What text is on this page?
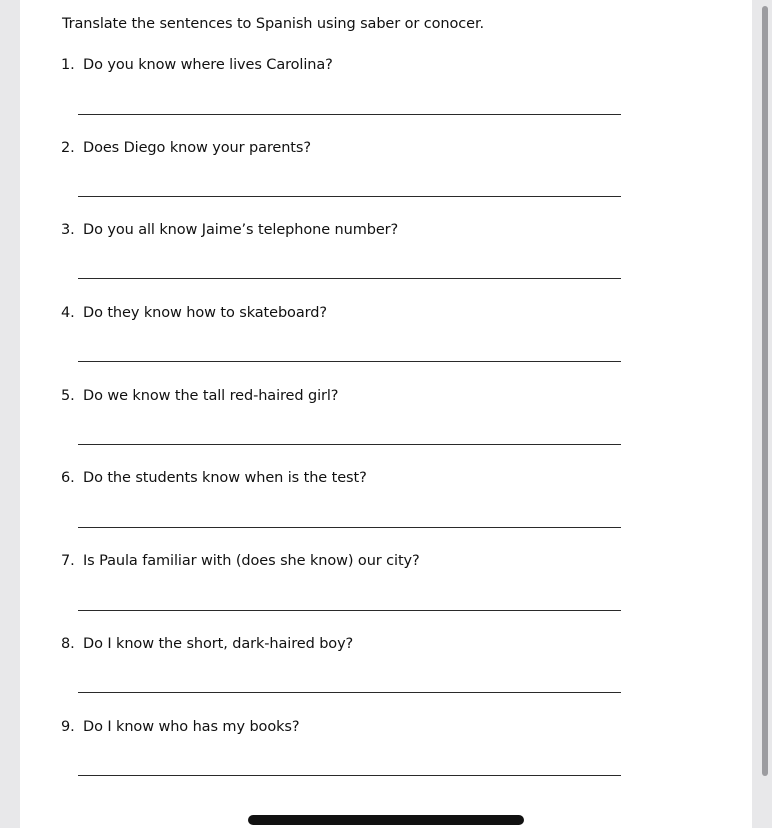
Translate the sentences to Spanish using saber or conocer.
1. Do you know where lives Carolina?
2. Does Diego know your parents?
3. Do you all know Jaime’s telephone number?
4. Do they know how to skateboard?
5. Do we know the tall red-haired girl?
6. Do the students know when is the test?
7. Is Paula familiar with (does she know) our city?
8. Do I know the short, dark-haired boy?
9. Do I know who has my books?
